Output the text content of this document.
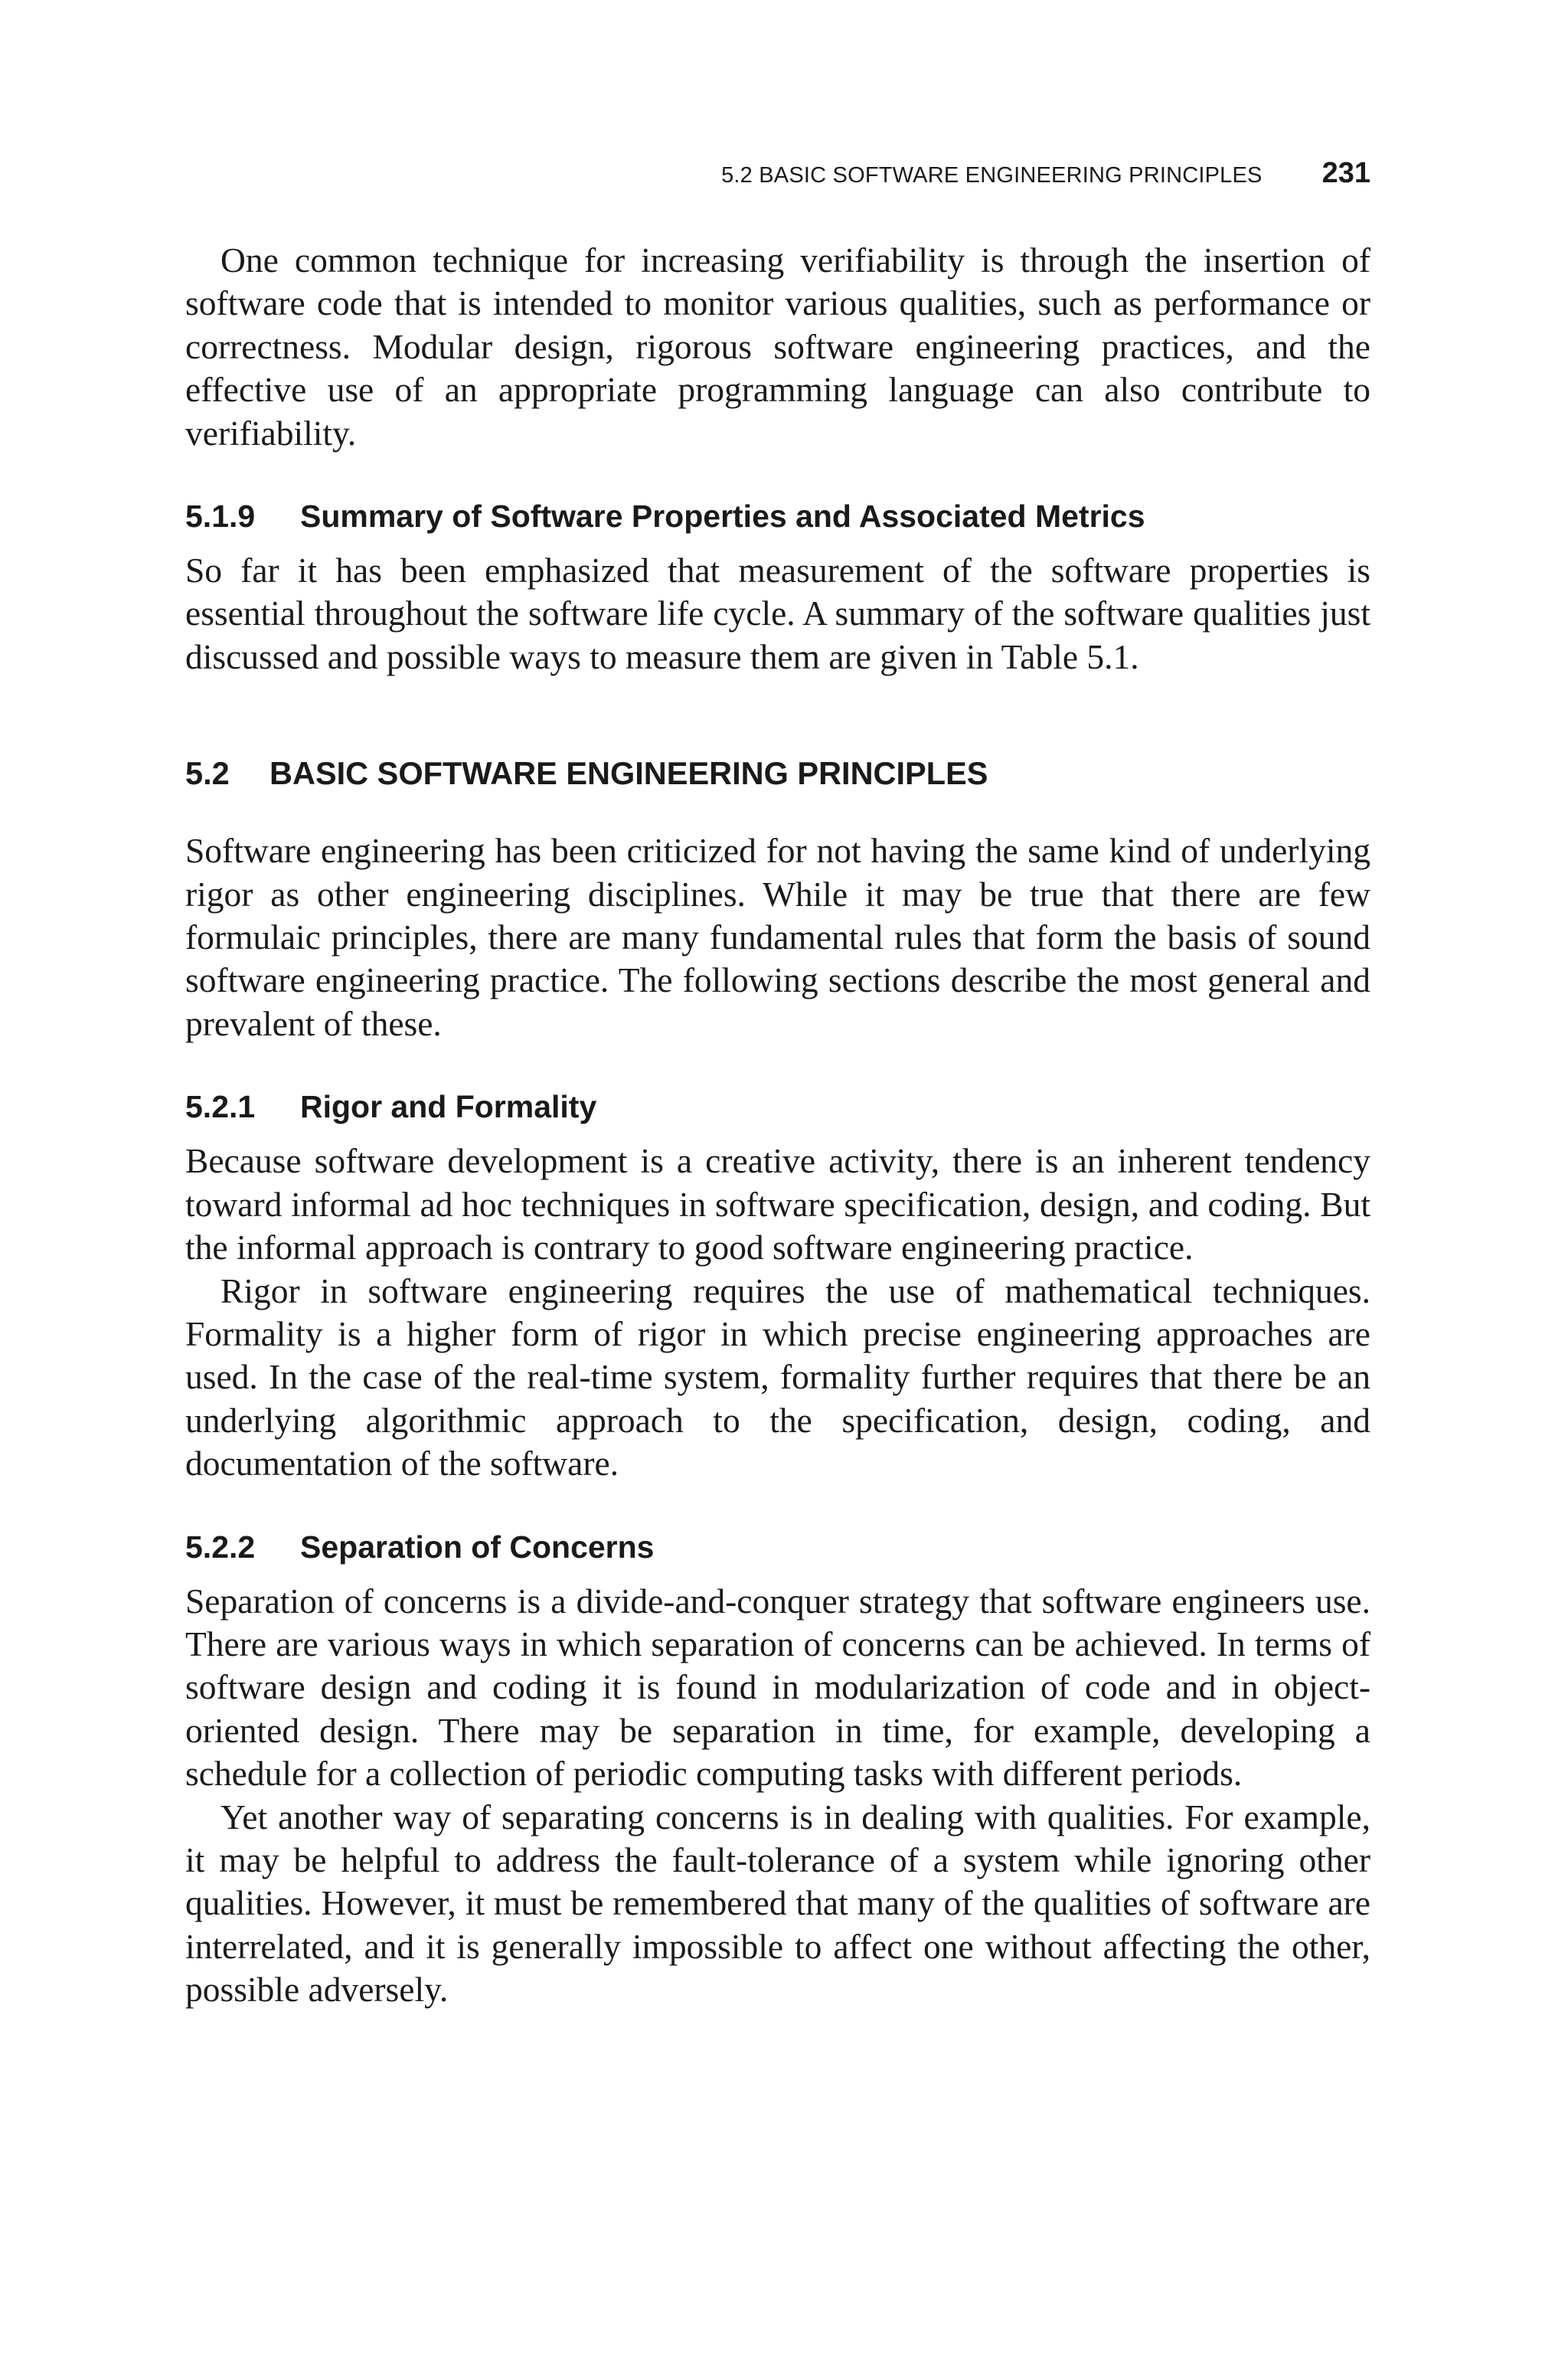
5.2 BASIC SOFTWARE ENGINEERING PRINCIPLES 231

One common technique for increasing verifiability is through the insertion of software code that is intended to monitor various qualities, such as performance or correctness. Modular design, rigorous software engineering practices, and the effective use of an appropriate programming language can also contribute to verifiability.

5.1.9 Summary of Software Properties and Associated Metrics

So far it has been emphasized that measurement of the software properties is essential throughout the software life cycle. A summary of the software qualities just discussed and possible ways to measure them are given in Table 5.1.

5.2 BASIC SOFTWARE ENGINEERING PRINCIPLES

Software engineering has been criticized for not having the same kind of underlying rigor as other engineering disciplines. While it may be true that there are few formulaic principles, there are many fundamental rules that form the basis of sound software engineering practice. The following sections describe the most general and prevalent of these.

5.2.1 Rigor and Formality

Because software development is a creative activity, there is an inherent tendency toward informal ad hoc techniques in software specification, design, and coding. But the informal approach is contrary to good software engineering practice.

Rigor in software engineering requires the use of mathematical techniques. Formality is a higher form of rigor in which precise engineering approaches are used. In the case of the real-time system, formality further requires that there be an underlying algorithmic approach to the specification, design, coding, and documentation of the software.

5.2.2 Separation of Concerns

Separation of concerns is a divide-and-conquer strategy that software engineers use. There are various ways in which separation of concerns can be achieved. In terms of software design and coding it is found in modularization of code and in object-oriented design. There may be separation in time, for example, developing a schedule for a collection of periodic computing tasks with different periods.

Yet another way of separating concerns is in dealing with qualities. For example, it may be helpful to address the fault-tolerance of a system while ignoring other qualities. However, it must be remembered that many of the qualities of software are interrelated, and it is generally impossible to affect one without affecting the other, possible adversely.
